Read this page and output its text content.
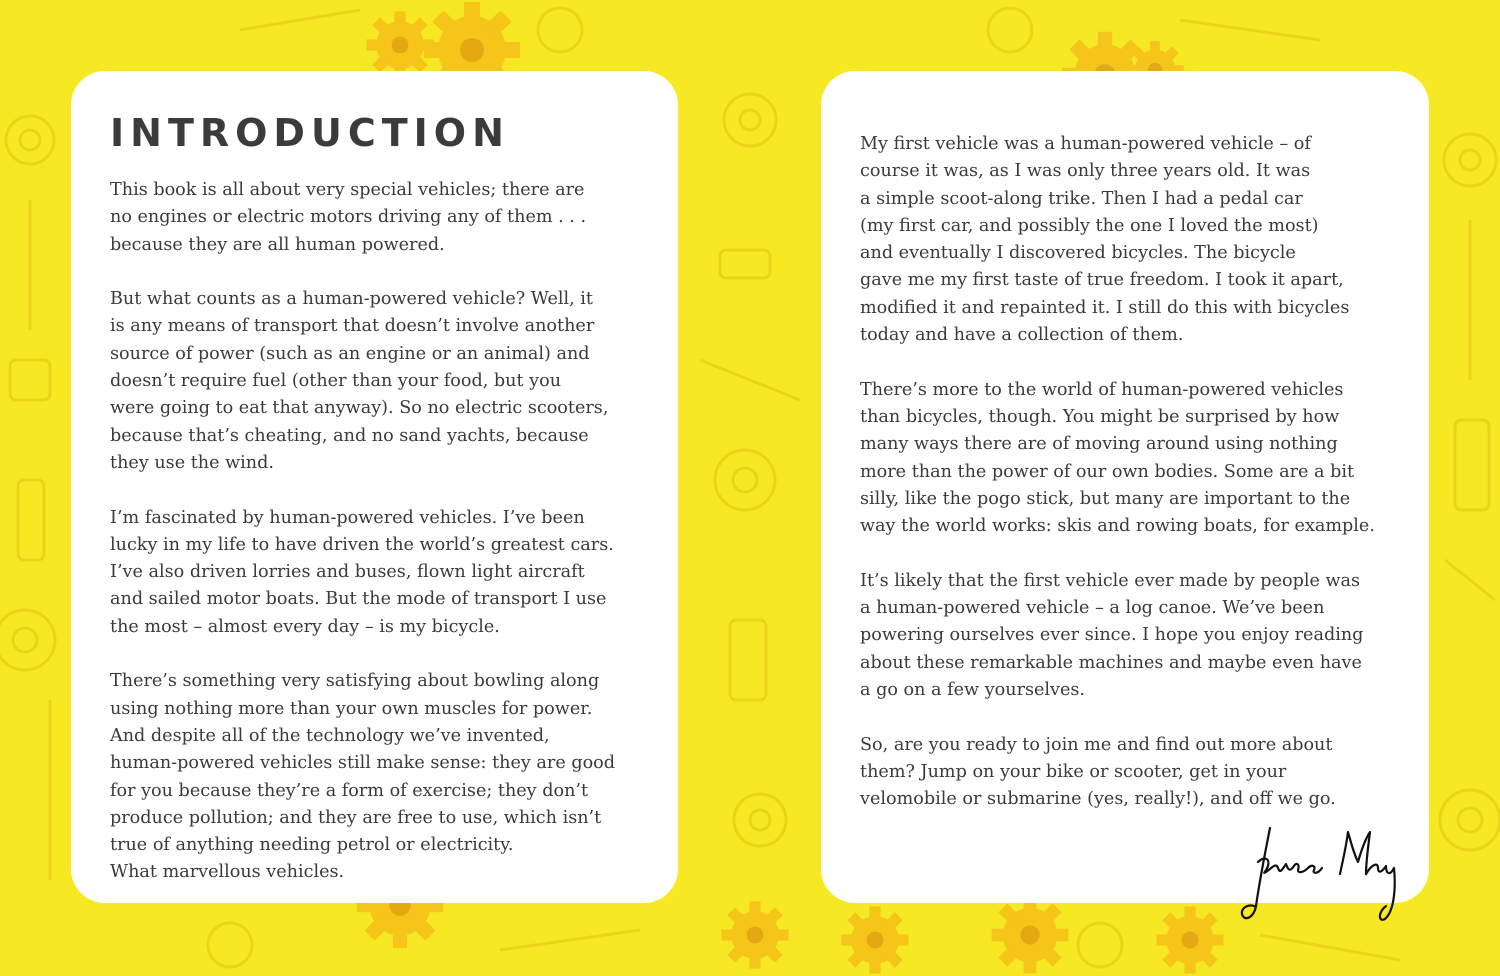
INTRODUCTION

This book is all about very special vehicles; there are
no engines or electric motors driving any of them . . .
because they are all human powered.

But what counts as a human-powered vehicle? Well, it
is any means of transport that doesn’t involve another
source of power (such as an engine or an animal) and
doesn’t require fuel (other than your food, but you
were going to eat that anyway). So no electric scooters,
because that’s cheating, and no sand yachts, because
they use the wind.

I’m fascinated by human-powered vehicles. I’ve been
lucky in my life to have driven the world’s greatest cars.
I’ve also driven lorries and buses, flown light aircraft
and sailed motor boats. But the mode of transport I use
the most – almost every day – is my bicycle.

There’s something very satisfying about bowling along
using nothing more than your own muscles for power.
And despite all of the technology we’ve invented,
human-powered vehicles still make sense: they are good
for you because they’re a form of exercise; they don’t
produce pollution; and they are free to use, which isn’t
true of anything needing petrol or electricity.
What marvellous vehicles.

My first vehicle was a human-powered vehicle – of
course it was, as I was only three years old. It was
a simple scoot-along trike. Then I had a pedal car
(my first car, and possibly the one I loved the most)
and eventually I discovered bicycles. The bicycle
gave me my first taste of true freedom. I took it apart,
modified it and repainted it. I still do this with bicycles
today and have a collection of them.

There’s more to the world of human-powered vehicles
than bicycles, though. You might be surprised by how
many ways there are of moving around using nothing
more than the power of our own bodies. Some are a bit
silly, like the pogo stick, but many are important to the
way the world works: skis and rowing boats, for example.

It’s likely that the first vehicle ever made by people was
a human-powered vehicle – a log canoe. We’ve been
powering ourselves ever since. I hope you enjoy reading
about these remarkable machines and maybe even have
a go on a few yourselves.

So, are you ready to join me and find out more about
them? Jump on your bike or scooter, get in your
velomobile or submarine (yes, really!), and off we go.
